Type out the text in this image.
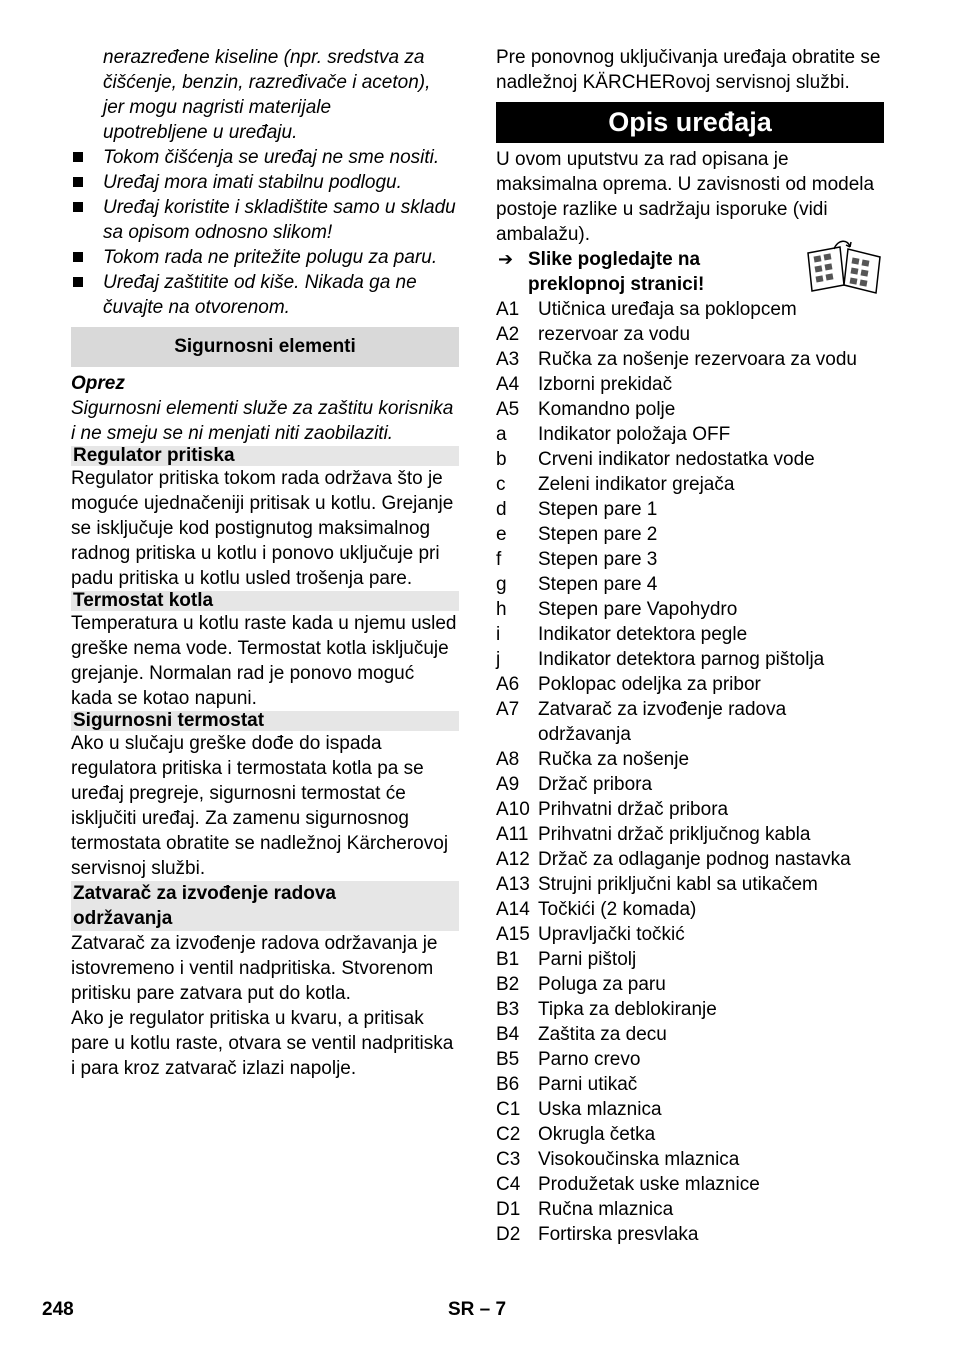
nerazređene kiseline (npr. sredstva za

čišćenje, benzin, razređivače i aceton),

jer mogu nagristi materijale

upotrebljene u uređaju.

Tokom čišćenja se uređaj ne sme nositi.
Uređaj mora imati stabilnu podlogu.
Uređaj koristite i skladištite samo u skladu sa opisom odnosno slikom!
Tokom rada ne pritežite polugu za paru.
Uređaj zaštitite od kiše. Nikada ga ne čuvajte na otvorenom.
Sigurnosni elementi

Oprez

Sigurnosni elementi služe za zaštitu korisnika i ne smeju se ni menjati niti zaobilaziti.

Regulator pritiska

Regulator pritiska tokom rada održava što je moguće ujednačeniji pritisak u kotlu. Grejanje se isključuje kod postignutog maksimalnog radnog pritiska u kotlu i ponovo uključuje pri padu pritiska u kotlu usled trošenja pare.

Termostat kotla

Temperatura u kotlu raste kada u njemu usled greške nema vode. Termostat kotla isključuje grejanje. Normalan rad je ponovo moguć kada se kotao napuni.

Sigurnosni termostat

Ako u slučaju greške dođe do ispada regulatora pritiska i termostata kotla pa se uređaj pregreje, sigurnosni termostat će isključiti uređaj. Za zamenu sigurnosnog termostata obratite se nadležnoj Kärcherovoj servisnoj službi.

Zatvarač za izvođenje radova
održavanja

Zatvarač za izvođenje radova održavanja je istovremeno i ventil nadpritiska. Stvorenom pritisku pare zatvara put do kotla.

Ako je regulator pritiska u kvaru, a pritisak pare u kotlu raste, otvara se ventil nadpritiska i para kroz zatvarač izlazi napolje.

Pre ponovnog uključivanja uređaja obratite se nadležnoj KÄRCHERovoj servisnoj službi.

Opis uređaja

U ovom uputstvu za rad opisana je maksimalna oprema. U zavisnosti od modela postoje razlike u sadržaju isporuke (vidi ambalažu).

➔ Slike pogledajte na
preklopnoj stranici!
A1 Utičnica uređaja sa poklopcem
A2 rezervoar za vodu
A3 Ručka za nošenje rezervoara za vodu
A4 Izborni prekidač
A5 Komandno polje
a	Indikator položaja OFF
b	Crveni indikator nedostatka vode
c	Zeleni indikator grejača
d	Stepen pare 1
e	Stepen pare 2
f	Stepen pare 3
g	Stepen pare 4
h	Stepen pare Vapohydro
i	Indikator detektora pegle
j	Indikator detektora parnog pištolja
A6 Poklopac odeljka za pribor
A7 Zatvarač za izvođenje radova održavanja
A8 Ručka za nošenje
A9 Držač pribora
A10 Prihvatni držač pribora
A11 Prihvatni držač priključnog kabla
A12 Držač za odlaganje podnog nastavka
A13 Strujni priključni kabl sa utikačem
A14 Točkići (2 komada)
A15 Upravljački točkić
B1 Parni pištolj
B2 Poluga za paru
B3 Tipka za deblokiranje
B4 Zaštita za decu
B5 Parno crevo
B6 Parni utikač
C1 Uska mlaznica
C2 Okrugla četka
C3 Visokoučinska mlaznica
C4 Produžetak uske mlaznice
D1 Ručna mlaznica
D2 Fortirska presvlaka
248	SR – 7
